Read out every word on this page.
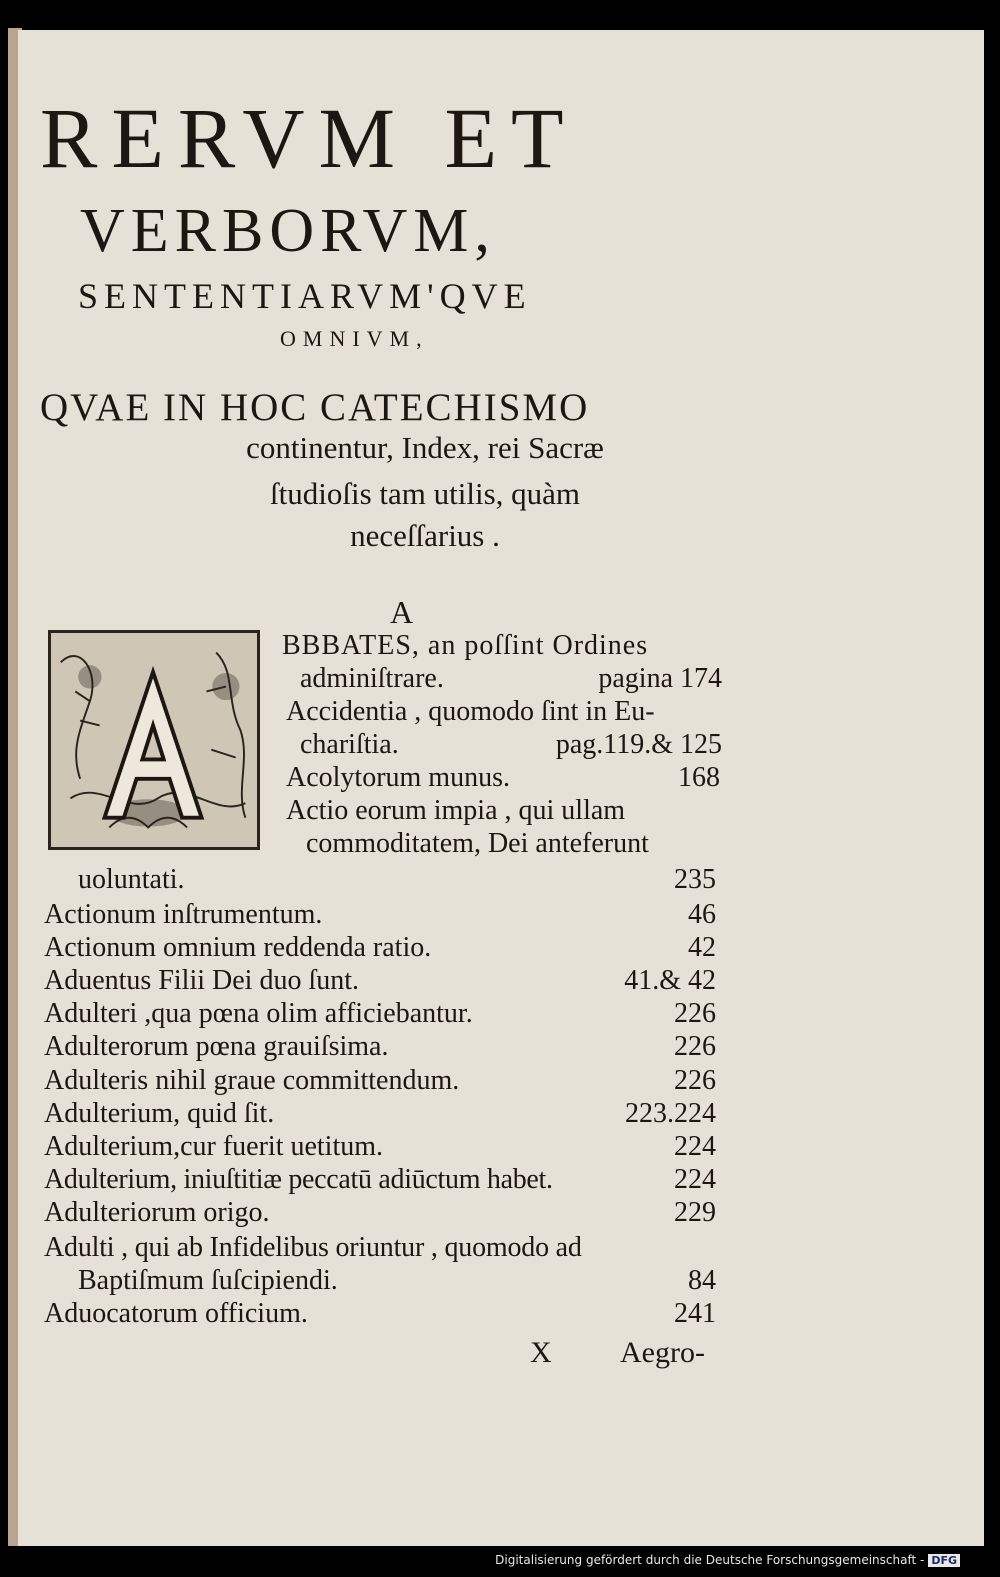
RERVM ET
VERBORVM,
SENTENTIARVM'QVE
OMNIVM,
QVAE IN HOC CATECHISMO
continentur, Index, rei Sacræ
ſtudioſis tam utilis, quàm
neceſſarius .
A
BBBATES, an poſſint Ordines
adminiſtrare.	pagina 174
Accidentia , quomodo ſint in Eu-
chariſtia.	pag.119.& 125
Acolytorum munus.	168
Actio eorum impia , qui ullam
commoditatem, Dei anteferunt
uoluntati.	235
Actionum inſtrumentum.	46
Actionum omnium reddenda ratio.	42
Aduentus Filii Dei duo ſunt.	41.& 42
Adulteri ,qua pœna olim afficiebantur.	226
Adulterorum pœna grauiſsima.	226
Adulteris nihil graue committendum.	226
Adulterium, quid ſit.	223.224
Adulterium,cur fuerit uetitum.	224
Adulterium, iniuſtitiæ peccatū adiūctum habet.	224
Adulteriorum origo.	229
Adulti , qui ab Infidelibus oriuntur , quomodo ad
Baptiſmum ſuſcipiendi.	84
Aduocatorum officium.	241
X Aegro-
Digitalisierung gefördert durch die Deutsche Forschungsgemeinschaft - DFG
